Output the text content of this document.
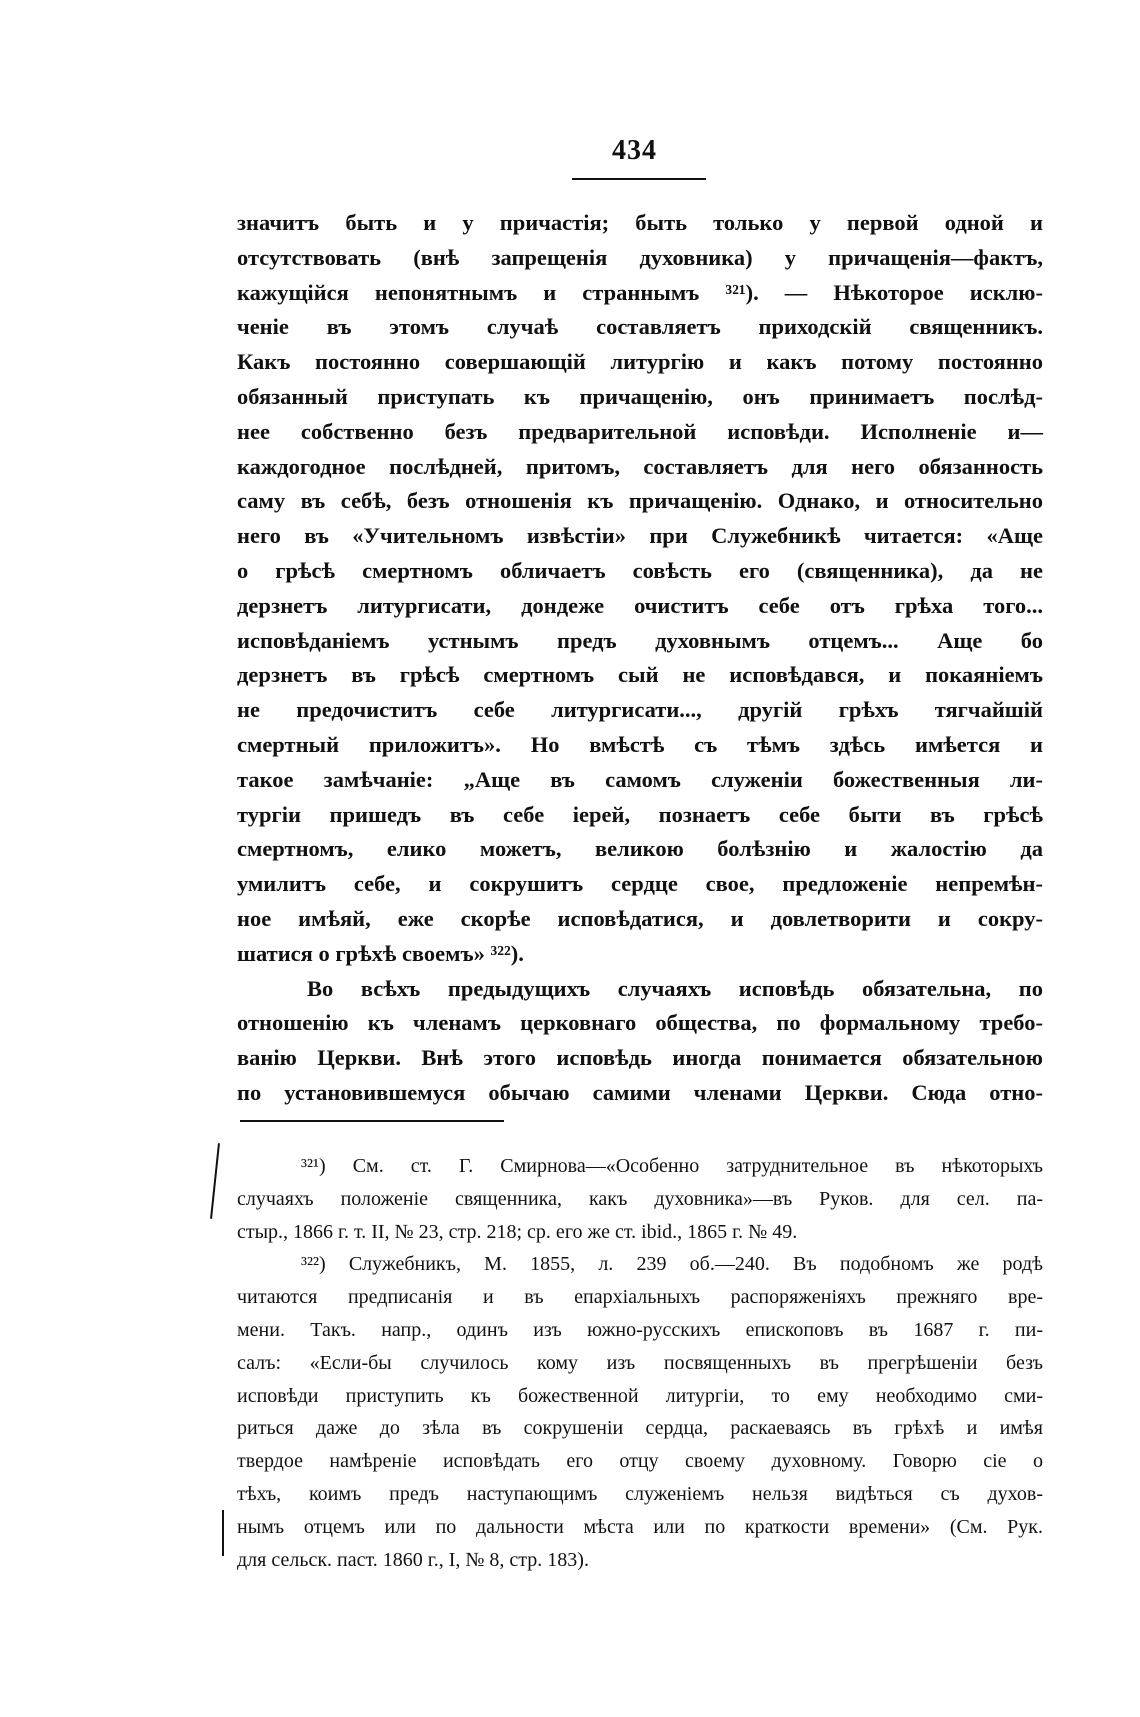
434
значитъ быть и у причастія; быть только у первой одной и
отсутствовать (внѣ запрещенія духовника) у причащенія—фактъ,
кажущійся непонятнымъ и страннымъ ³²¹). — Нѣкоторое исклю-
ченіе въ этомъ случаѣ составляетъ приходскій священникъ.
Какъ постоянно совершающій литургію и какъ потому постоянно
обязанный приступать къ причащенію, онъ принимаетъ послѣд-
нее собственно безъ предварительной исповѣди. Исполненіе и—
каждогодное послѣдней, притомъ, составляетъ для него обязанность
саму въ себѣ, безъ отношенія къ причащенію. Однако, и относительно
него въ «Учительномъ извѣстіи» при Служебникѣ читается: «Аще
о грѣсѣ смертномъ обличаетъ совѣсть его (священника), да не
дерзнетъ литургисати, дондеже очиститъ себе отъ грѣха того...
исповѣданіемъ устнымъ предъ духовнымъ отцемъ... Аще бо
дерзнетъ въ грѣсѣ смертномъ сый не исповѣдався, и покаяніемъ
не предочиститъ себе литургисати..., другій грѣхъ тягчайшій
смертный приложитъ». Но вмѣстѣ съ тѣмъ здѣсь имѣется и
такое замѣчаніе: „Аще въ самомъ служеніи божественныя ли-
тургіи пришедъ въ себе іерей, познаетъ себе быти въ грѣсѣ
смертномъ, елико можетъ, великою болѣзнію и жалостію да
умилитъ себе, и сокрушитъ сердце свое, предложеніе непремѣн-
ное имѣяй, еже скорѣе исповѣдатися, и довлетворити и сокру-
шатися о грѣхѣ своемъ» ³²²).
Во всѣхъ предыдущихъ случаяхъ исповѣдь обязательна, по
отношенію къ членамъ церковнаго общества, по формальному требо-
ванію Церкви. Внѣ этого исповѣдь иногда понимается обязательною
по установившемуся обычаю самими членами Церкви. Сюда отно-
³²¹) См. ст. Г. Смирнова—«Особенно затруднительное въ нѣкоторыхъ
случаяхъ положеніе священника, какъ духовника»—въ Руков. для сел. па-
стыр., 1866 г. т. II, № 23, стр. 218; ср. его же ст. ibid., 1865 г. № 49.
³²²) Служебникъ, М. 1855, л. 239 об.—240. Въ подобномъ же родѣ
читаются предписанія и въ епархіальныхъ распоряженіяхъ прежняго вре-
мени. Такъ. напр., одинъ изъ южно-русскихъ епископовъ въ 1687 г. пи-
салъ: «Если-бы случилось кому изъ посвященныхъ въ прегрѣшеніи безъ
исповѣди приступить къ божественной литургіи, то ему необходимо сми-
риться даже до зѣла въ сокрушеніи сердца, раскаеваясь въ грѣхѣ и имѣя
твердое намѣреніе исповѣдать его отцу своему духовному. Говорю сіе о
тѣхъ, коимъ предъ наступающимъ служеніемъ нельзя видѣться съ духов-
нымъ отцемъ или по дальности мѣста или по краткости времени» (См. Рук.
для сельск. паст. 1860 г., I, № 8, стр. 183).
